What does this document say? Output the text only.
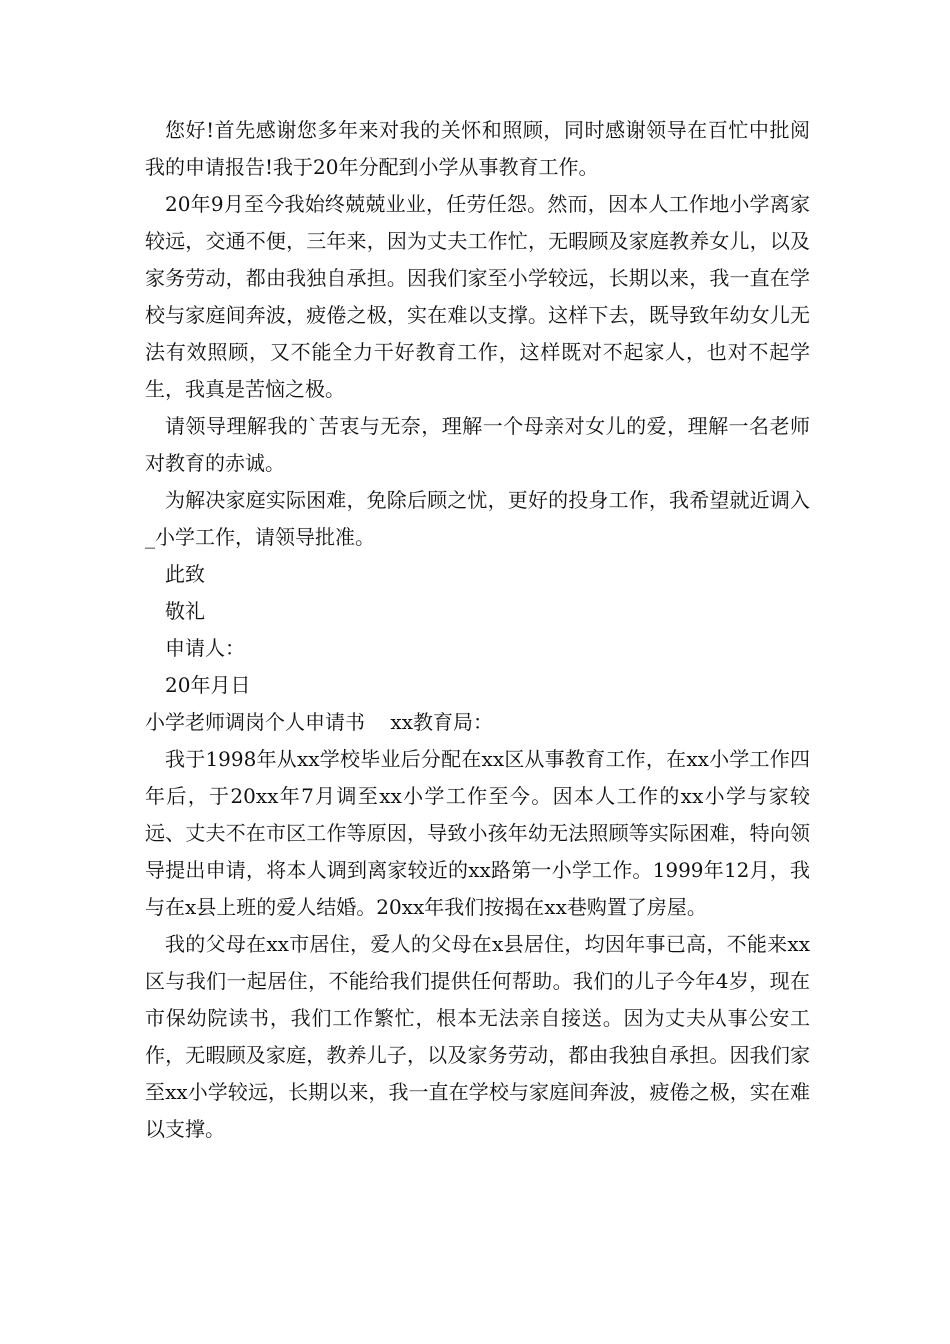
您好!首先感谢您多年来对我的关怀和照顾，同时感谢领导在百忙中批阅我的申请报告!我于20年分配到小学从事教育工作。

20年9月至今我始终兢兢业业，任劳任怨。然而，因本人工作地小学离家较远，交通不便，三年来，因为丈夫工作忙，无暇顾及家庭教养女儿，以及家务劳动，都由我独自承担。因我们家至小学较远，长期以来，我一直在学校与家庭间奔波，疲倦之极，实在难以支撑。这样下去，既导致年幼女儿无法有效照顾，又不能全力干好教育工作，这样既对不起家人，也对不起学生，我真是苦恼之极。

请领导理解我的`苦衷与无奈，理解一个母亲对女儿的爱，理解一名老师对教育的赤诚。

为解决家庭实际困难，免除后顾之忧，更好的投身工作，我希望就近调入_小学工作，请领导批准。

此致

敬礼

申请人：

20年月日

小学老师调岗个人申请书    xx教育局：

我于1998年从xx学校毕业后分配在xx区从事教育工作，在xx小学工作四年后，于20xx年7月调至xx小学工作至今。因本人工作的xx小学与家较远、丈夫不在市区工作等原因，导致小孩年幼无法照顾等实际困难，特向领导提出申请，将本人调到离家较近的xx路第一小学工作。1999年12月，我与在x县上班的爱人结婚。20xx年我们按揭在xx巷购置了房屋。

我的父母在xx市居住，爱人的父母在x县居住，均因年事已高，不能来xx区与我们一起居住，不能给我们提供任何帮助。我们的儿子今年4岁，现在市保幼院读书，我们工作繁忙，根本无法亲自接送。因为丈夫从事公安工作，无暇顾及家庭，教养儿子，以及家务劳动，都由我独自承担。因我们家至xx小学较远，长期以来，我一直在学校与家庭间奔波，疲倦之极，实在难以支撑。
